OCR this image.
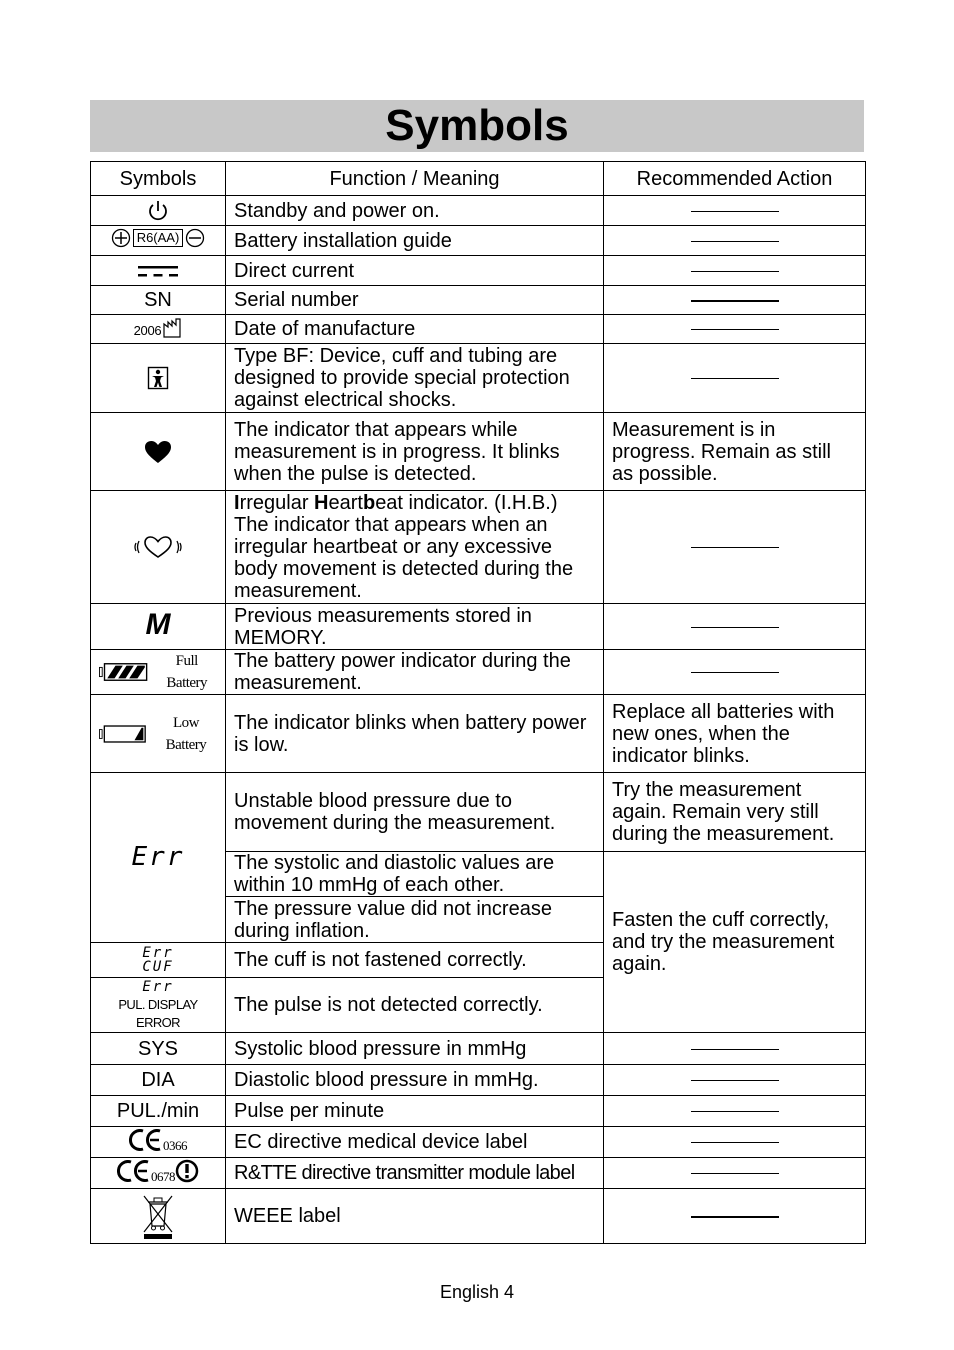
Symbols
Symbols	Function / Meaning	Recommended Action
	Standby and power on.	

R6(AA)	Battery installation guide	
	Direct current	
SN	Serial number	

2006	Date of manufacture	
	Type BF: Device, cuff and tubing are designed to provide special protection against electrical shocks.	
	The indicator that appears while measurement is in progress. It blinks when the pulse is detected.	Measurement is in progress. Remain as still as possible.
	Irregular Heartbeat indicator. (I.H.B.)
The indicator that appears when an irregular heartbeat or any excessive body movement is detected during the measurement.	
M	Previous measurements stored in MEMORY.	

Full Battery	The battery power indicator during the measurement.	

Low Battery	The indicator blinks when battery power is low.	Replace all batteries with new ones, when the indicator blinks.
Err	Unstable blood pressure due to movement during the measurement.	Try the measurement again. Remain very still during the measurement.
	The systolic and diastolic values are within 10 mmHg of each other.	Fasten the cuff correctly, and try the measurement again.
	The pressure value did not increase during inflation.	

Err
CUF	The cuff is not fastened correctly.	

Err
PUL. DISPLAY ERROR	The pulse is not detected correctly.	
SYS	Systolic blood pressure in mmHg	
DIA	Diastolic blood pressure in mmHg.	
PUL./min	Pulse per minute	

0366	EC directive medical device label	

0678	R&TTE directive transmitter module label	
	WEEE label	
English 4
